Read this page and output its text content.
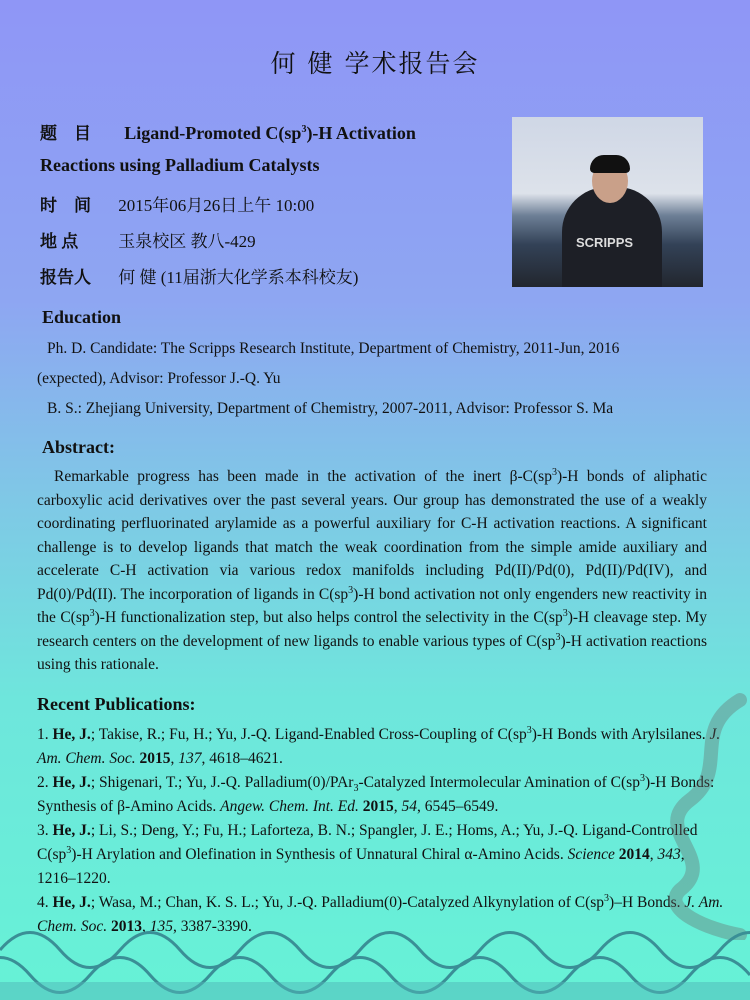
何 健 学术报告会
题　目 Ligand-Promoted $C(sp^3)-H$ Activation
Reactions using Palladium Catalysts
时　间 2015年06月26日上午 10:00
地 点 玉泉校区 教八-429
报告人 何 健 (11届浙大化学系本科校友)
SCRIPPS
Education
Ph. D. Candidate: The Scripps Research Institute, Department of Chemistry, 2011-Jun, 2016
(expected), Advisor: Professor J.-Q. Yu
B. S.: Zhejiang University, Department of Chemistry, 2007-2011, Advisor: Professor S. Ma
Abstract:
Remarkable progress has been made in the activation of the inert $\beta-C(sp^3)-H$ bonds of aliphatic carboxylic acid derivatives over the past several years. Our group has demonstrated the use of a weakly coordinating perfluorinated arylamide as a powerful auxiliary for C-H activation reactions. A significant challenge is to develop ligands that match the weak coordination from the simple amide auxiliary and accelerate C-H activation via various redox manifolds including Pd(II)/Pd(0), Pd(II)/Pd(IV), and Pd(0)/Pd(II). The incorporation of ligands in $C(sp^3)-H$ bond activation not only engenders new reactivity in the $C(sp^3)-H$ functionalization step, but also helps control the selectivity in the $C(sp^3)-H$ cleavage step. My research centers on the development of new ligands to enable various types of $C(sp^3)-H$ activation reactions using this rationale.
Recent Publications:
1. He, J.; Takise, R.; Fu, H.; Yu, J.-Q. Ligand-Enabled Cross-Coupling of $C(sp^3)-H$ Bonds with Arylsilanes. J. Am. Chem. Soc. 2015, 137, 4618–4621.
2. He, J.; Shigenari, T.; Yu, J.-Q. Palladium(0)/PAr$_3$-Catalyzed Intermolecular Amination of $C(sp^3)-H$ Bonds: Synthesis of β-Amino Acids. Angew. Chem. Int. Ed. 2015, 54, 6545–6549.
3. He, J.; Li, S.; Deng, Y.; Fu, H.; Laforteza, B. N.; Spangler, J. E.; Homs, A.; Yu, J.-Q. Ligand-Controlled $C(sp^3)-H$ Arylation and Olefination in Synthesis of Unnatural Chiral α-Amino Acids. Science 2014, 343, 1216–1220.
4. He, J.; Wasa, M.; Chan, K. S. L.; Yu, J.-Q. Palladium(0)-Catalyzed Alkynylation of $C(sp^3)-H$ Bonds. J. Am. Chem. Soc. 2013, 135, 3387-3390.
